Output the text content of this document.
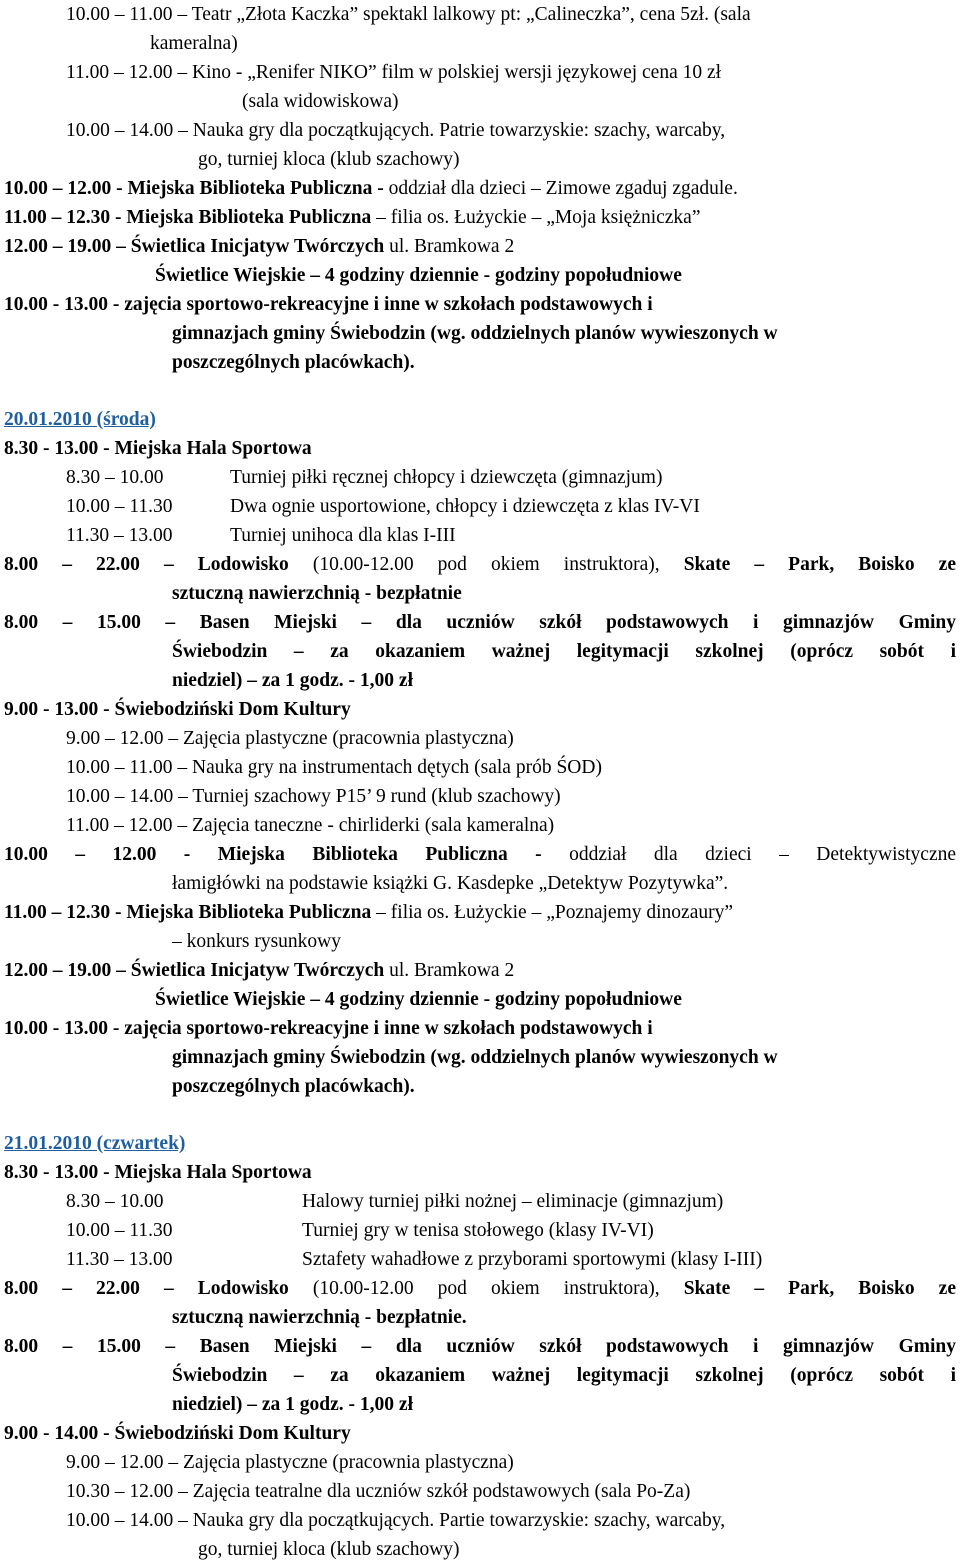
10.00 – 11.00 – Teatr „Złota Kaczka” spektakl lalkowy pt: „Calineczka”, cena 5zł. (sala
kameralna)
11.00 – 12.00 – Kino - „Renifer NIKO” film w polskiej wersji językowej cena 10 zł
(sala widowiskowa)
10.00 – 14.00 – Nauka gry dla początkujących. Patrie towarzyskie: szachy, warcaby,
go, turniej kloca (klub szachowy)
10.00 – 12.00 - Miejska Biblioteka Publiczna - oddział dla dzieci – Zimowe zgaduj zgadule.
11.00 – 12.30 - Miejska Biblioteka Publiczna – filia os. Łużyckie – „Moja księżniczka”
12.00 – 19.00 – Świetlica Inicjatyw Twórczych ul. Bramkowa 2
Świetlice Wiejskie – 4 godziny dziennie - godziny popołudniowe
10.00 - 13.00 - zajęcia sportowo-rekreacyjne i inne w szkołach podstawowych i
gimnazjach gminy Świebodzin (wg. oddzielnych planów wywieszonych w
poszczególnych placówkach).
20.01.2010 (środa)
8.30 - 13.00 - Miejska Hala Sportowa
8.30 – 10.00	Turniej piłki ręcznej chłopcy i dziewczęta (gimnazjum)
10.00 – 11.30	Dwa ognie usportowione, chłopcy i dziewczęta z klas IV-VI
11.30 – 13.00	Turniej unihoca dla klas I-III
8.00 – 22.00 – Lodowisko (10.00-12.00 pod okiem instruktora), Skate – Park, Boisko ze
sztuczną nawierzchnią - bezpłatnie
8.00 – 15.00 – Basen Miejski – dla uczniów szkół podstawowych i gimnazjów Gminy
Świebodzin – za okazaniem ważnej legitymacji szkolnej (oprócz sobót i
niedziel) – za 1 godz. - 1,00 zł
9.00 - 13.00 - Świebodziński Dom Kultury
9.00 – 12.00 – Zajęcia plastyczne (pracownia plastyczna)
10.00 – 11.00 – Nauka gry na instrumentach dętych (sala prób ŚOD)
10.00 – 14.00 – Turniej szachowy P15’ 9 rund (klub szachowy)
11.00 – 12.00 – Zajęcia taneczne - chirliderki (sala kameralna)
10.00 – 12.00 - Miejska Biblioteka Publiczna - oddział dla dzieci – Detektywistyczne
łamigłówki na podstawie książki G. Kasdepke „Detektyw Pozytywka”.
11.00 – 12.30 - Miejska Biblioteka Publiczna – filia os. Łużyckie – „Poznajemy dinozaury”
– konkurs rysunkowy
12.00 – 19.00 – Świetlica Inicjatyw Twórczych ul. Bramkowa 2
Świetlice Wiejskie – 4 godziny dziennie - godziny popołudniowe
10.00 - 13.00 - zajęcia sportowo-rekreacyjne i inne w szkołach podstawowych i
gimnazjach gminy Świebodzin (wg. oddzielnych planów wywieszonych w
poszczególnych placówkach).
21.01.2010 (czwartek)
8.30 - 13.00 - Miejska Hala Sportowa
8.30 – 10.00	Halowy turniej piłki nożnej – eliminacje (gimnazjum)
10.00 – 11.30	Turniej gry w tenisa stołowego (klasy IV-VI)
11.30 – 13.00	Sztafety wahadłowe z przyborami sportowymi (klasy I-III)
8.00 – 22.00 – Lodowisko (10.00-12.00 pod okiem instruktora), Skate – Park, Boisko ze
sztuczną nawierzchnią - bezpłatnie.
8.00 – 15.00 – Basen Miejski – dla uczniów szkół podstawowych i gimnazjów Gminy
Świebodzin – za okazaniem ważnej legitymacji szkolnej (oprócz sobót i
niedziel) – za 1 godz. - 1,00 zł
9.00 - 14.00 - Świebodziński Dom Kultury
9.00 – 12.00 – Zajęcia plastyczne (pracownia plastyczna)
10.30 – 12.00 – Zajęcia teatralne dla uczniów szkół podstawowych (sala Po-Za)
10.00 – 14.00 – Nauka gry dla początkujących. Partie towarzyskie: szachy, warcaby,
go, turniej kloca (klub szachowy)
